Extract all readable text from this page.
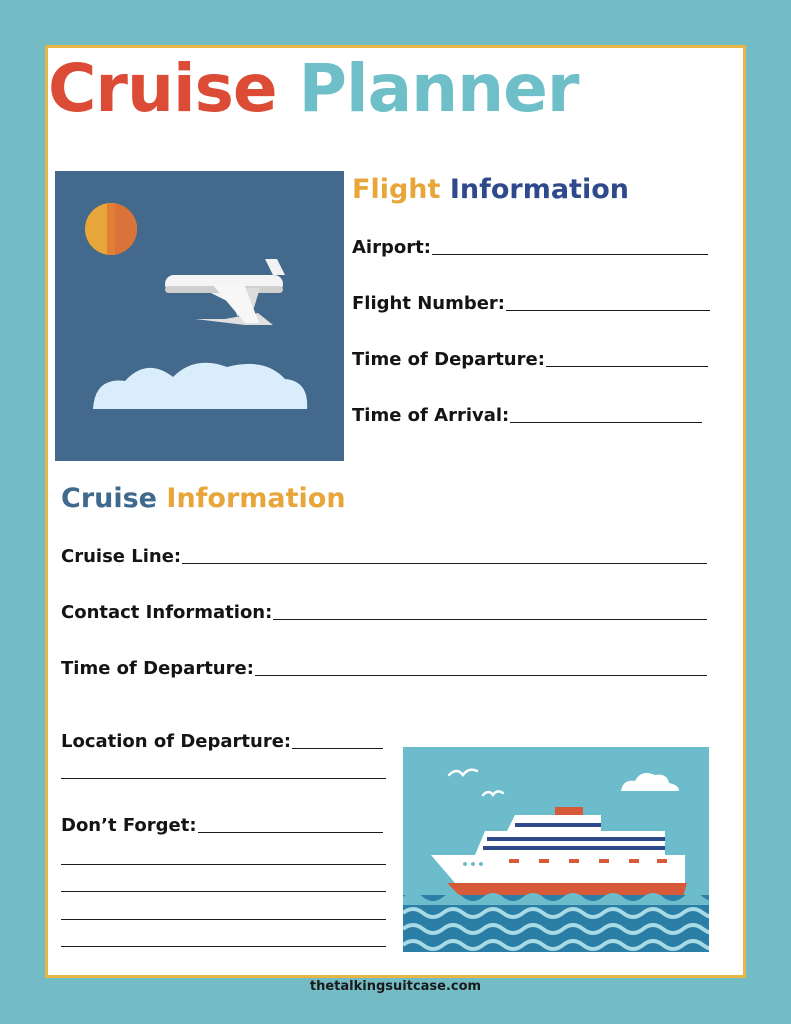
Cruise Planner
Flight Information
Airport:
Flight Number:
Time of Departure:
Time of Arrival:
Cruise Information
Cruise Line:
Contact Information:
Time of Departure:
Location of Departure:
Don’t Forget:
thetalkingsuitcase.com
